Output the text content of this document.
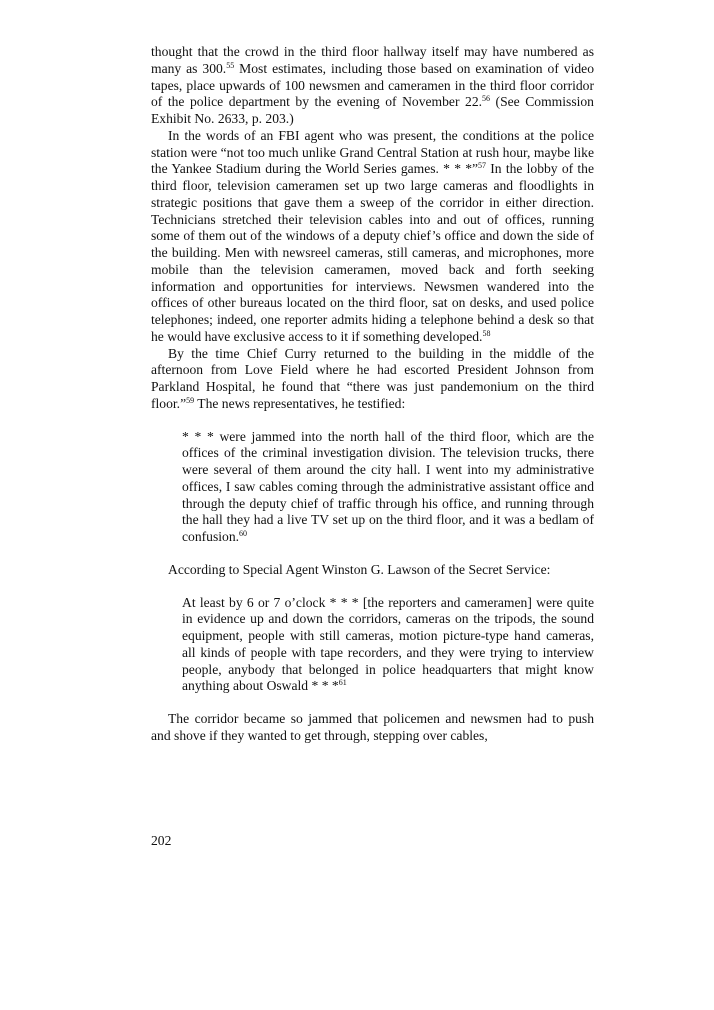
thought that the crowd in the third floor hallway itself may have numbered as many as 300.55 Most estimates, including those based on examination of video tapes, place upwards of 100 newsmen and cameramen in the third floor corridor of the police department by the evening of November 22.56 (See Commission Exhibit No. 2633, p. 203.)

In the words of an FBI agent who was present, the conditions at the police station were “not too much unlike Grand Central Station at rush hour, maybe like the Yankee Stadium during the World Series games. * * *”$^{57}$ In the lobby of the third floor, television cameramen set up two large cameras and floodlights in strategic positions that gave them a sweep of the corridor in either direction. Technicians stretched their television cables into and out of offices, running some of them out of the windows of a deputy chief’s office and down the side of the building. Men with newsreel cameras, still cameras, and microphones, more mobile than the television cameramen, moved back and forth seeking information and opportunities for interviews. Newsmen wandered into the offices of other bureaus located on the third floor, sat on desks, and used police telephones; indeed, one reporter admits hiding a telephone behind a desk so that he would have exclusive access to it if something developed.$^{58}$

By the time Chief Curry returned to the building in the middle of the afternoon from Love Field where he had escorted President Johnson from Parkland Hospital, he found that “there was just pandemonium on the third floor.”$^{59}$ The news representatives, he testified:

* * * were jammed into the north hall of the third floor, which are the offices of the criminal investigation division. The television trucks, there were several of them around the city hall. I went into my administrative offices, I saw cables coming through the administrative assistant office and through the deputy chief of traffic through his office, and running through the hall they had a live TV set up on the third floor, and it was a bedlam of confusion.$^{60}$

According to Special Agent Winston G. Lawson of the Secret Service:

At least by 6 or 7 o’clock * * * [the reporters and cameramen] were quite in evidence up and down the corridors, cameras on the tripods, the sound equipment, people with still cameras, motion picture-type hand cameras, all kinds of people with tape recorders, and they were trying to interview people, anybody that belonged in police headquarters that might know anything about Oswald * * *$^{61}$

The corridor became so jammed that policemen and newsmen had to push and shove if they wanted to get through, stepping over cables,

202
